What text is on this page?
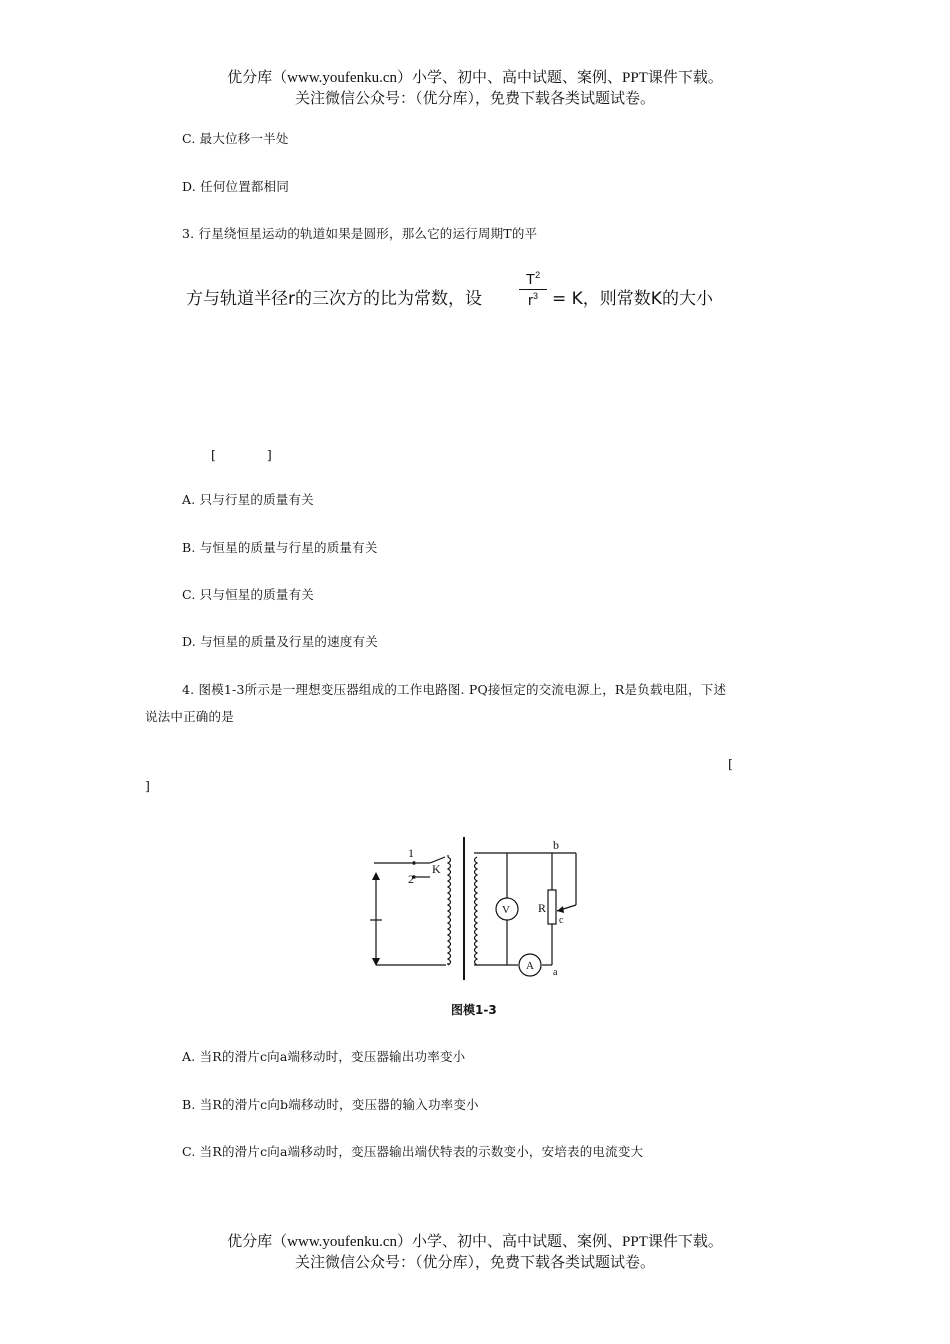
优分库（www.youfenku.cn）小学、初中、高中试题、案例、PPT课件下载。
关注微信公众号：（优分库），免费下载各类试题试卷。
C. 最大位移一半处
D. 任何位置都相同
3. 行星绕恒星运动的轨道如果是圆形，那么它的运行周期T的平
方与轨道半径r的三次方的比为常数，设
$T^2$
$r^3 = K$，则常数K的大小
[　　　　]
A. 只与行星的质量有关
B. 与恒星的质量与行星的质量有关
C. 只与恒星的质量有关
D. 与恒星的质量及行星的速度有关
4. 图模1-3所示是一理想变压器组成的工作电路图. PQ接恒定的交流电源上，R是负载电阻，下述
说法中正确的是
[
]
1
2
K
b
R
c
a
V
A
图模1-3
A. 当R的滑片c向a端移动时，变压器输出功率变小
B. 当R的滑片c向b端移动时，变压器的输入功率变小
C. 当R的滑片c向a端移动时，变压器输出端伏特表的示数变小，安培表的电流变大
优分库（www.youfenku.cn）小学、初中、高中试题、案例、PPT课件下载。
关注微信公众号：（优分库），免费下载各类试题试卷。
